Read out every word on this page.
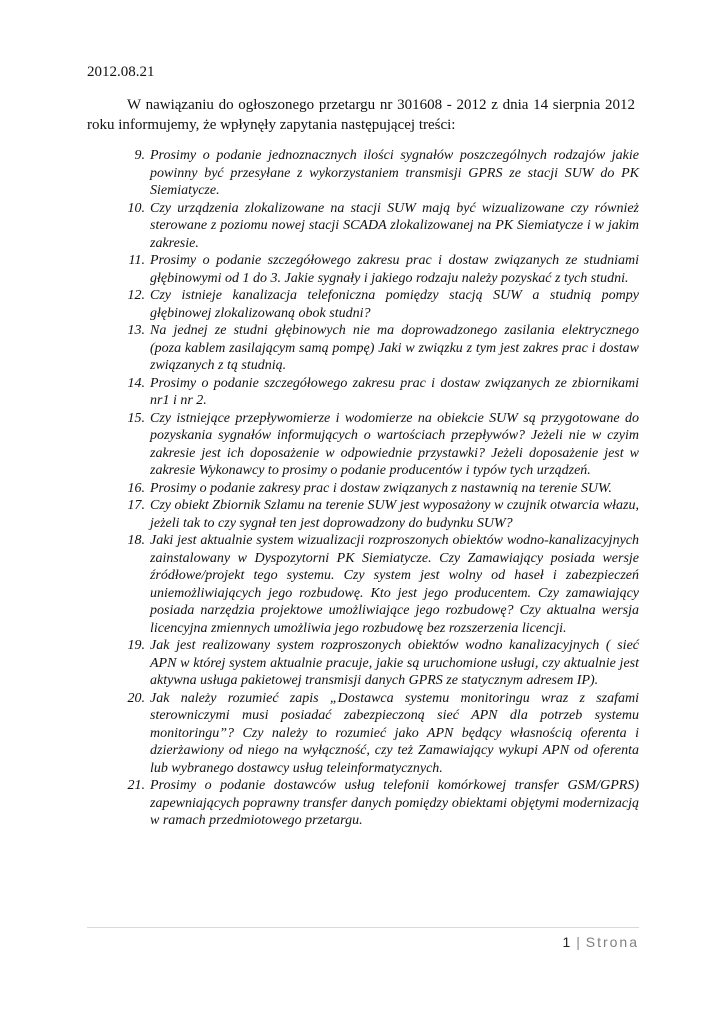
2012.08.21

W nawiązaniu do ogłoszonego przetargu nr 301608 - 2012 z dnia 14 sierpnia 2012 roku informujemy, że wpłynęły zapytania następującej treści:

9. Prosimy o podanie jednoznacznych ilości sygnałów poszczególnych rodzajów jakie powinny być przesyłane z wykorzystaniem transmisji GPRS ze stacji SUW do PK Siemiatycze.
10. Czy urządzenia zlokalizowane na stacji SUW mają być wizualizowane czy również sterowane z poziomu nowej stacji SCADA zlokalizowanej na PK Siemiatycze i w jakim zakresie.
11. Prosimy o podanie szczegółowego zakresu prac i dostaw związanych ze studniami głębinowymi od 1 do 3. Jakie sygnały i jakiego rodzaju należy pozyskać z tych studni.
12. Czy istnieje kanalizacja telefoniczna pomiędzy stacją SUW a studnią pompy głębinowej zlokalizowaną obok studni?
13. Na jednej ze studni głębinowych nie ma doprowadzonego zasilania elektrycznego (poza kablem zasilającym samą pompę) Jaki w związku z tym jest zakres prac i dostaw związanych z tą studnią.
14. Prosimy o podanie szczegółowego zakresu prac i dostaw związanych ze zbiornikami nr1 i nr 2.
15. Czy istniejące przepływomierze i wodomierze na obiekcie SUW są przygotowane do pozyskania sygnałów informujących o wartościach przepływów? Jeżeli nie w czyim zakresie jest ich doposażenie w odpowiednie przystawki? Jeżeli doposażenie jest w zakresie Wykonawcy to prosimy o podanie producentów i typów tych urządzeń.
16. Prosimy o podanie zakresy prac i dostaw związanych z nastawnią na terenie SUW.
17. Czy obiekt Zbiornik Szlamu na terenie SUW jest wyposażony w czujnik otwarcia włazu, jeżeli tak to czy sygnał ten jest doprowadzony do budynku SUW?
18. Jaki jest aktualnie system wizualizacji rozproszonych obiektów wodno-kanalizacyjnych zainstalowany w Dyspozytorni PK Siemiatycze. Czy Zamawiający posiada wersje źródłowe/projekt tego systemu. Czy system jest wolny od haseł i zabezpieczeń uniemożliwiających jego rozbudowę. Kto jest jego producentem. Czy zamawiający posiada narzędzia projektowe umożliwiające jego rozbudowę? Czy aktualna wersja licencyjna zmiennych umożliwia jego rozbudowę bez rozszerzenia licencji.
19. Jak jest realizowany system rozproszonych obiektów wodno kanalizacyjnych ( sieć APN w której system aktualnie pracuje, jakie są uruchomione usługi, czy aktualnie jest aktywna usługa pakietowej transmisji danych GPRS ze statycznym adresem IP).
20. Jak należy rozumieć zapis „Dostawca systemu monitoringu wraz z szafami sterowniczymi musi posiadać zabezpieczoną sieć APN dla potrzeb systemu monitoringu”? Czy należy to rozumieć jako APN będący własnością oferenta i dzierżawiony od niego na wyłączność, czy też Zamawiający wykupi APN od oferenta lub wybranego dostawcy usług teleinformatycznych.
21. Prosimy o podanie dostawców usług telefonii komórkowej transfer GSM/GPRS) zapewniających poprawny transfer danych pomiędzy obiektami objętymi modernizacją w ramach przedmiotowego przetargu.
1 | Strona
